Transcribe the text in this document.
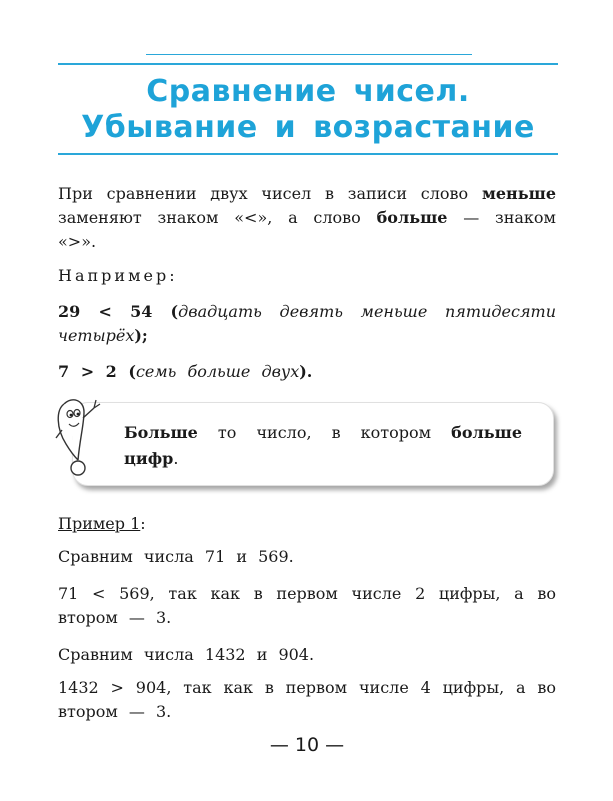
Сравнение чисел.

Убывание и возрастание

При сравнении двух чисел в записи слово меньше заменяют знаком «<», а слово больше — знаком «>».

Например:

29 < 54 (двадцать девять меньше пятидесяти четырёх);

7 > 2 (семь больше двух).

Больше то число, в котором больше цифр.

Пример 1:

Сравним числа 71 и 569.

71 < 569, так как в первом числе 2 цифры, а во втором — 3.

Сравним числа 1432 и 904.

1432 > 904, так как в первом числе 4 цифры, а во втором — 3.

— 10 —
